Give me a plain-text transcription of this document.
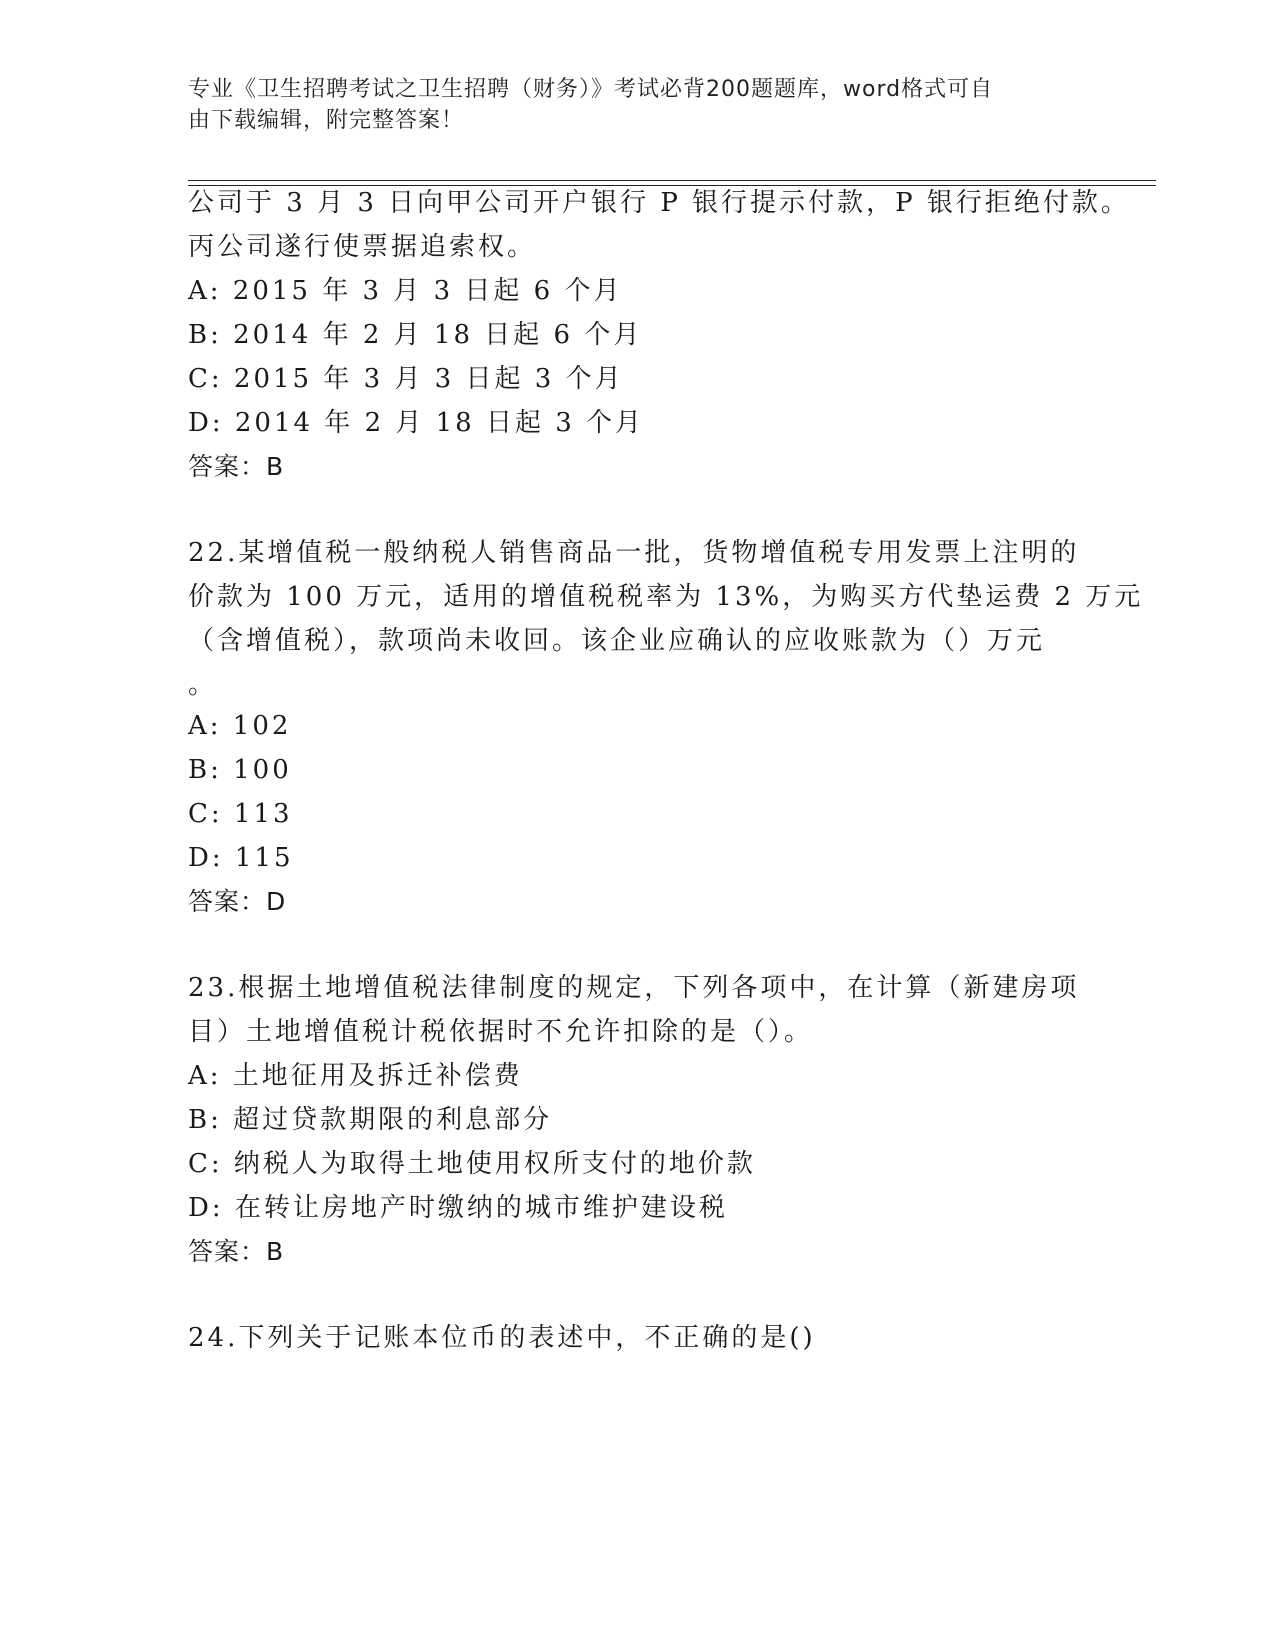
专业《卫生招聘考试之卫生招聘（财务）》考试必背200题题库，word格式可自
由下载编辑，附完整答案！
公司于 3 月 3 日向甲公司开户银行 P 银行提示付款，P 银行拒绝付款。
丙公司遂行使票据追索权。
A: 2015 年 3 月 3 日起 6 个月
B: 2014 年 2 月 18 日起 6 个月
C: 2015 年 3 月 3 日起 3 个月
D: 2014 年 2 月 18 日起 3 个月
答案：B
22.某增值税一般纳税人销售商品一批，货物增值税专用发票上注明的
价款为 100 万元，适用的增值税税率为 13%，为购买方代垫运费 2 万元
（含增值税），款项尚未收回。该企业应确认的应收账款为（）万元
。
A: 102
B: 100
C: 113
D: 115
答案：D
23.根据土地增值税法律制度的规定，下列各项中，在计算（新建房项
目）土地增值税计税依据时不允许扣除的是（）。
A: 土地征用及拆迁补偿费
B: 超过贷款期限的利息部分
C: 纳税人为取得土地使用权所支付的地价款
D: 在转让房地产时缴纳的城市维护建设税
答案：B
24.下列关于记账本位币的表述中，不正确的是()
